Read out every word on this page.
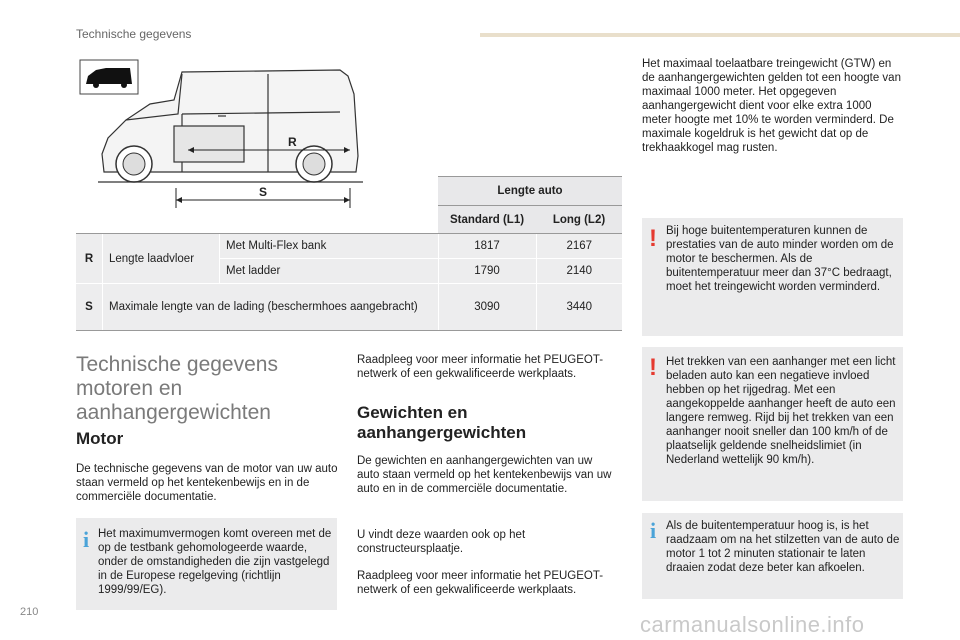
Technische gegevens
R
S
			Lengte auto	
			Standard (L1)	Long (L2)
R	Lengte laadvloer	Met Multi-Flex bank	1817	2167
		Met ladder	1790	2140
S	Maximale lengte van de lading (beschermhoes aangebracht)		3090	3440
Technische gegevens motoren en aanhangergewichten
Motor
De technische gegevens van de motor van uw auto staan vermeld op het kentekenbewijs en in de commerciële documentatie.
i Het maximumvermogen komt overeen met de op de testbank gehomologeerde waarde, onder de omstandigheden die zijn vastgelegd in de Europese regelgeving (richtlijn 1999/99/EG).
Raadpleeg voor meer informatie het PEUGEOT-netwerk of een gekwalificeerde werkplaats.
Gewichten en aanhangergewichten
De gewichten en aanhangergewichten van uw auto staan vermeld op het kentekenbewijs van uw auto en in de commerciële documentatie.
U vindt deze waarden ook op het constructeursplaatje.
Raadpleeg voor meer informatie het PEUGEOT-netwerk of een gekwalificeerde werkplaats.
Het maximaal toelaatbare treingewicht (GTW) en de aanhangergewichten gelden tot een hoogte van maximaal 1000 meter. Het opgegeven aanhangergewicht dient voor elke extra 1000 meter hoogte met 10% te worden verminderd. De maximale kogeldruk is het gewicht dat op de trekhaakkogel mag rusten.
! Bij hoge buitentemperaturen kunnen de prestaties van de auto minder worden om de motor te beschermen. Als de buitentemperatuur meer dan 37°C bedraagt, moet het treingewicht worden verminderd.
! Het trekken van een aanhanger met een licht beladen auto kan een negatieve invloed hebben op het rijgedrag. Met een aangekoppelde aanhanger heeft de auto een langere remweg. Rijd bij het trekken van een aanhanger nooit sneller dan 100 km/h of de plaatselijk geldende snelheidslimiet (in Nederland wettelijk 90 km/h).
i Als de buitentemperatuur hoog is, is het raadzaam om na het stilzetten van de auto de motor 1 tot 2 minuten stationair te laten draaien zodat deze beter kan afkoelen.
210	carmanualsonline.info
